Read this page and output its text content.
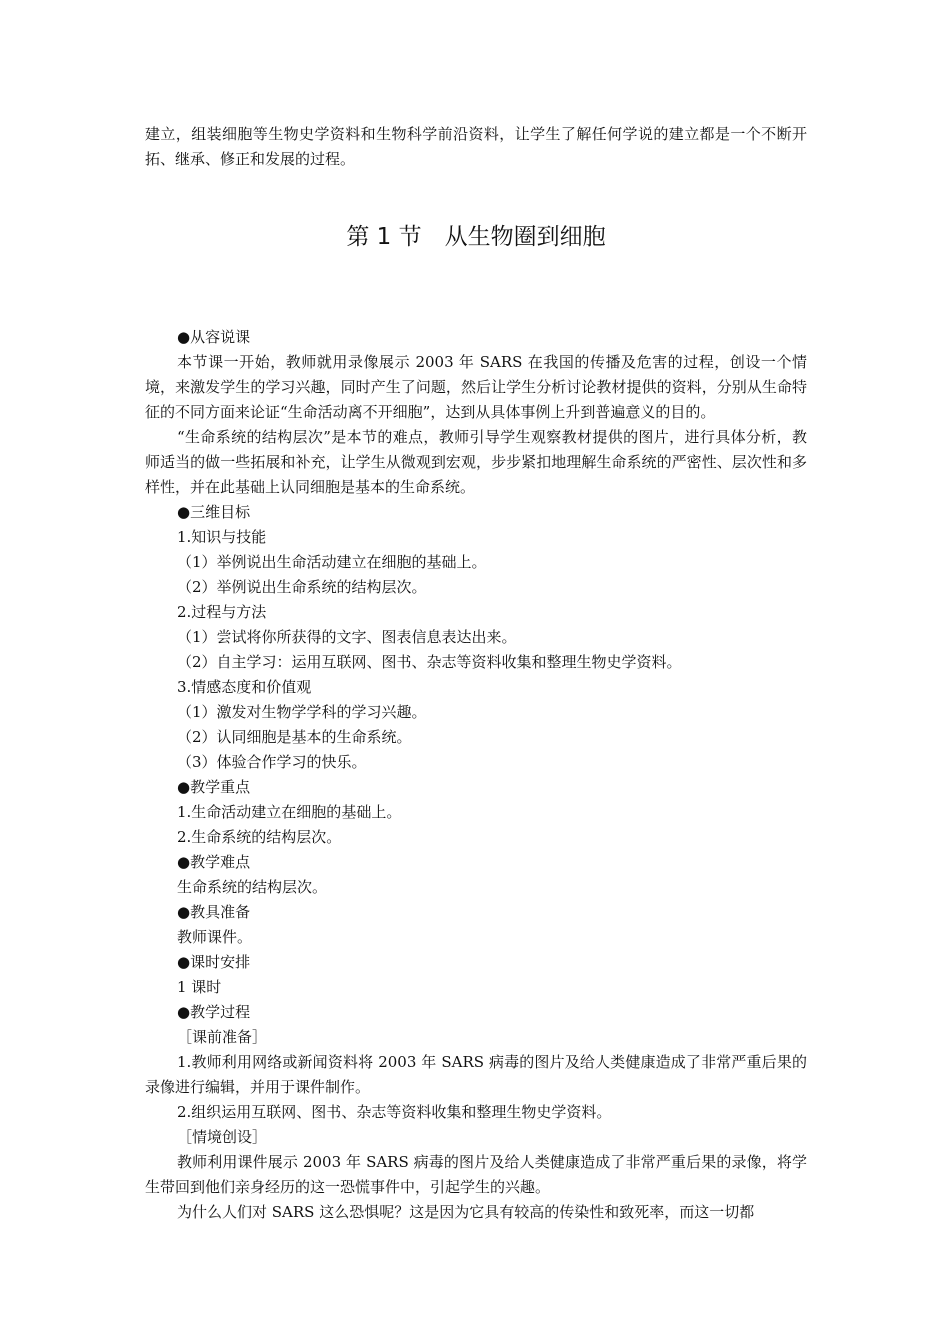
建立，组装细胞等生物史学资料和生物科学前沿资料，让学生了解任何学说的建立都是一个不断开拓、继承、修正和发展的过程。

第 1 节　从生物圈到细胞

●从容说课

本节课一开始，教师就用录像展示 2003 年 SARS 在我国的传播及危害的过程，创设一个情境，来激发学生的学习兴趣，同时产生了问题，然后让学生分析讨论教材提供的资料，分别从生命特征的不同方面来论证“生命活动离不开细胞”，达到从具体事例上升到普遍意义的目的。

“生命系统的结构层次”是本节的难点，教师引导学生观察教材提供的图片，进行具体分析，教师适当的做一些拓展和补充，让学生从微观到宏观，步步紧扣地理解生命系统的严密性、层次性和多样性，并在此基础上认同细胞是基本的生命系统。

●三维目标

1.知识与技能

（1）举例说出生命活动建立在细胞的基础上。

（2）举例说出生命系统的结构层次。

2.过程与方法

（1）尝试将你所获得的文字、图表信息表达出来。

（2）自主学习：运用互联网、图书、杂志等资料收集和整理生物史学资料。

3.情感态度和价值观

（1）激发对生物学学科的学习兴趣。

（2）认同细胞是基本的生命系统。

（3）体验合作学习的快乐。

●教学重点

1.生命活动建立在细胞的基础上。

2.生命系统的结构层次。

●教学难点

生命系统的结构层次。

●教具准备

教师课件。

●课时安排

1 课时

●教学过程

［课前准备］

1.教师利用网络或新闻资料将 2003 年 SARS 病毒的图片及给人类健康造成了非常严重后果的录像进行编辑，并用于课件制作。

2.组织运用互联网、图书、杂志等资料收集和整理生物史学资料。

［情境创设］

教师利用课件展示 2003 年 SARS 病毒的图片及给人类健康造成了非常严重后果的录像，将学生带回到他们亲身经历的这一恐慌事件中，引起学生的兴趣。

为什么人们对 SARS 这么恐惧呢？这是因为它具有较高的传染性和致死率，而这一切都
